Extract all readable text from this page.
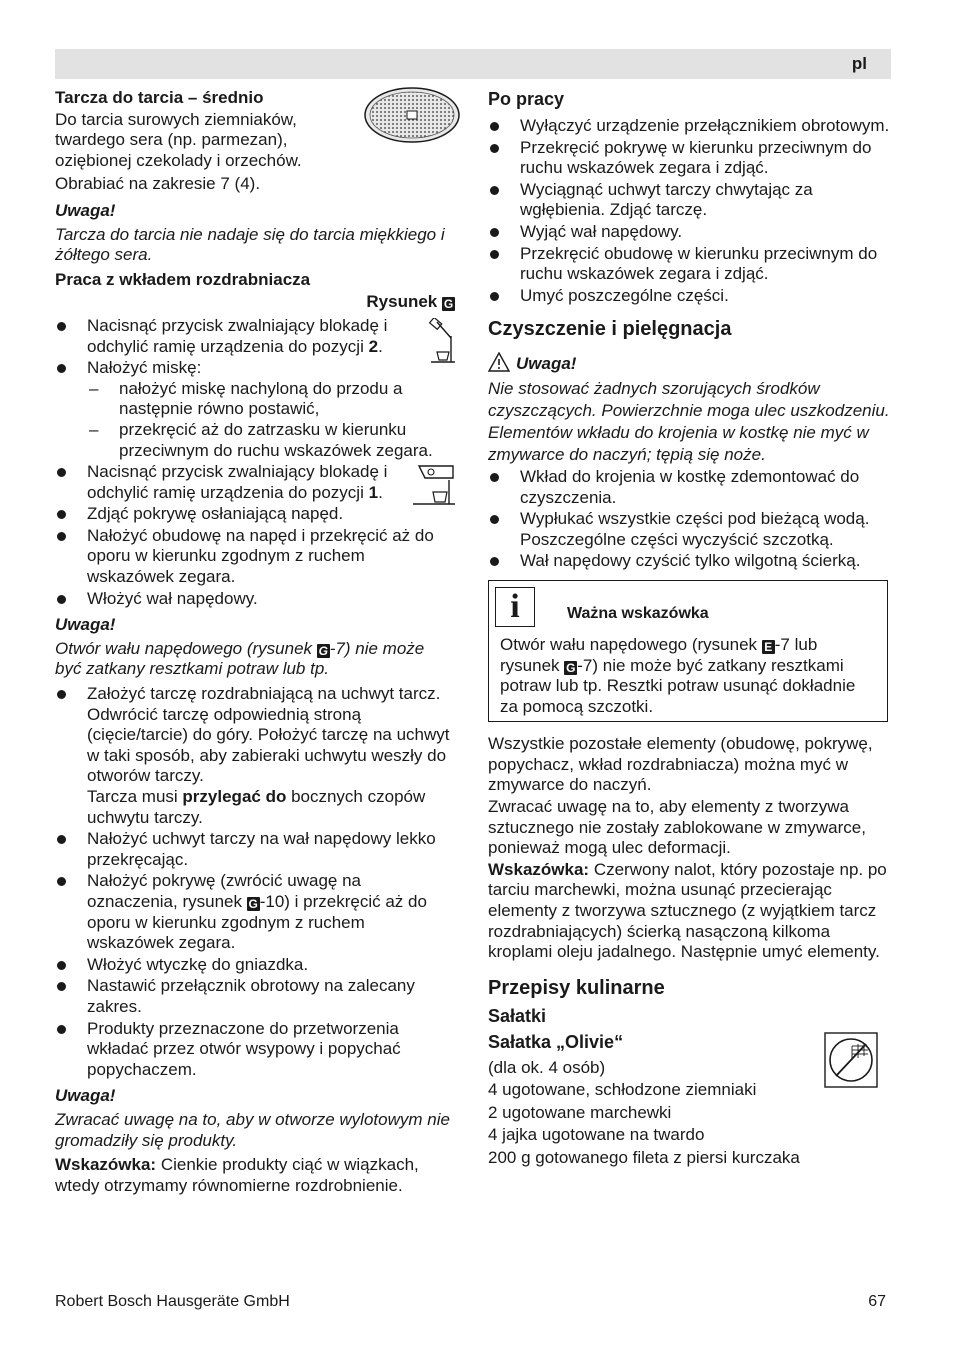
pl

Tarcza do tarcia – średnio

Do tarcia surowych ziemniaków, twardego sera (np. parmezan), oziębionej czekolady i orzechów.

Obrabiać na zakresie 7 (4).

Uwaga!

Tarcza do tarcia nie nadaje się do tarcia miękkiego i żółtego sera.

Praca z wkładem rozdrabniacza

Rysunek G

Nacisnąć przycisk zwalniający blokadę i odchylić ramię urządzenia do pozycji 2.
Nałożyć miskę:
– nałożyć miskę nachyloną do przodu a następnie równo postawić,
– przekręcić aż do zatrzasku w kierunku przeciwnym do ruchu wskazówek zegara.
Nacisnąć przycisk zwalniający blokadę i odchylić ramię urządzenia do pozycji 1.
Zdjąć pokrywę osłaniającą napęd.
Nałożyć obudowę na napęd i przekręcić aż do oporu w kierunku zgodnym z ruchem wskazówek zegara.
Włożyć wał napędowy.

Uwaga!

Otwór wału napędowego (rysunek G -7) nie może być zatkany resztkami potraw lub tp.

Założyć tarczę rozdrabniającą na uchwyt tarcz. Odwrócić tarczę odpowiednią stroną (cięcie/tarcie) do góry. Położyć tarczę na uchwyt w taki sposób, aby zabieraki uchwytu weszły do otworów tarczy.
Tarcza musi przylegać do bocznych czopów uchwytu tarczy.
Nałożyć uchwyt tarczy na wał napędowy lekko przekręcając.
Nałożyć pokrywę (zwrócić uwagę na oznaczenia, rysunek G -10) i przekręcić aż do oporu w kierunku zgodnym z ruchem wskazówek zegara.
Włożyć wtyczkę do gniazdka.
Nastawić przełącznik obrotowy na zalecany zakres.
Produkty przeznaczone do przetworzenia wkładać przez otwór wsypowy i popychać popychaczem.

Uwaga!

Zwracać uwagę na to, aby w otworze wylotowym nie gromadziły się produkty.

Wskazówka: Cienkie produkty ciąć w wiązkach, wtedy otrzymamy równomierne rozdrobnienie.

Po pracy

Wyłączyć urządzenie przełącznikiem obrotowym.
Przekręcić pokrywę w kierunku przeciwnym do ruchu wskazówek zegara i zdjąć.
Wyciągnąć uchwyt tarczy chwytając za wgłębienia. Zdjąć tarczę.
Wyjąć wał napędowy.
Przekręcić obudowę w kierunku przeciwnym do ruchu wskazówek zegara i zdjąć.
Umyć poszczególne części.

Czyszczenie i pielęgnacja

Uwaga!

Nie stosować żadnych szorujących środków czyszczących. Powierzchnie moga ulec uszkodzeniu. Elementów wkładu do krojenia w kostkę nie myć w zmywarce do naczyń; tępią się noże.

Wkład do krojenia w kostkę zdemontować do czyszczenia.
Wypłukać wszystkie części pod bieżącą wodą. Poszczególne części wyczyścić szczotką.
Wał napędowy czyścić tylko wilgotną ścierką.
i	Ważna wskazówka

Otwór wału napędowego (rysunek E -7 lub rysunek G -7) nie może być zatkany resztkami potraw lub tp. Resztki potraw usunąć dokładnie za pomocą szczotki.

Wszystkie pozostałe elementy (obudowę, pokrywę, popychacz, wkład rozdrabniacza) można myć w zmywarce do naczyń.

Zwracać uwagę na to, aby elementy z tworzywa sztucznego nie zostały zablokowane w zmywarce, ponieważ mogą ulec deformacji.

Wskazówka: Czerwony nalot, który pozostaje np. po tarciu marchewki, można usunąć przecierając elementy z tworzywa sztucznego (z wyjątkiem tarcz rozdrabniających) ścierką nasączoną kilkoma kroplami oleju jadalnego. Następnie umyć elementy.

Przepisy kulinarne

Sałatki

Sałatka „Olivie“

(dla ok. 4 osób)

4 ugotowane, schłodzone ziemniaki

2 ugotowane marchewki

4 jajka ugotowane na twardo

200 g gotowanego fileta z piersi kurczaka

Robert Bosch Hausgeräte GmbH	67
